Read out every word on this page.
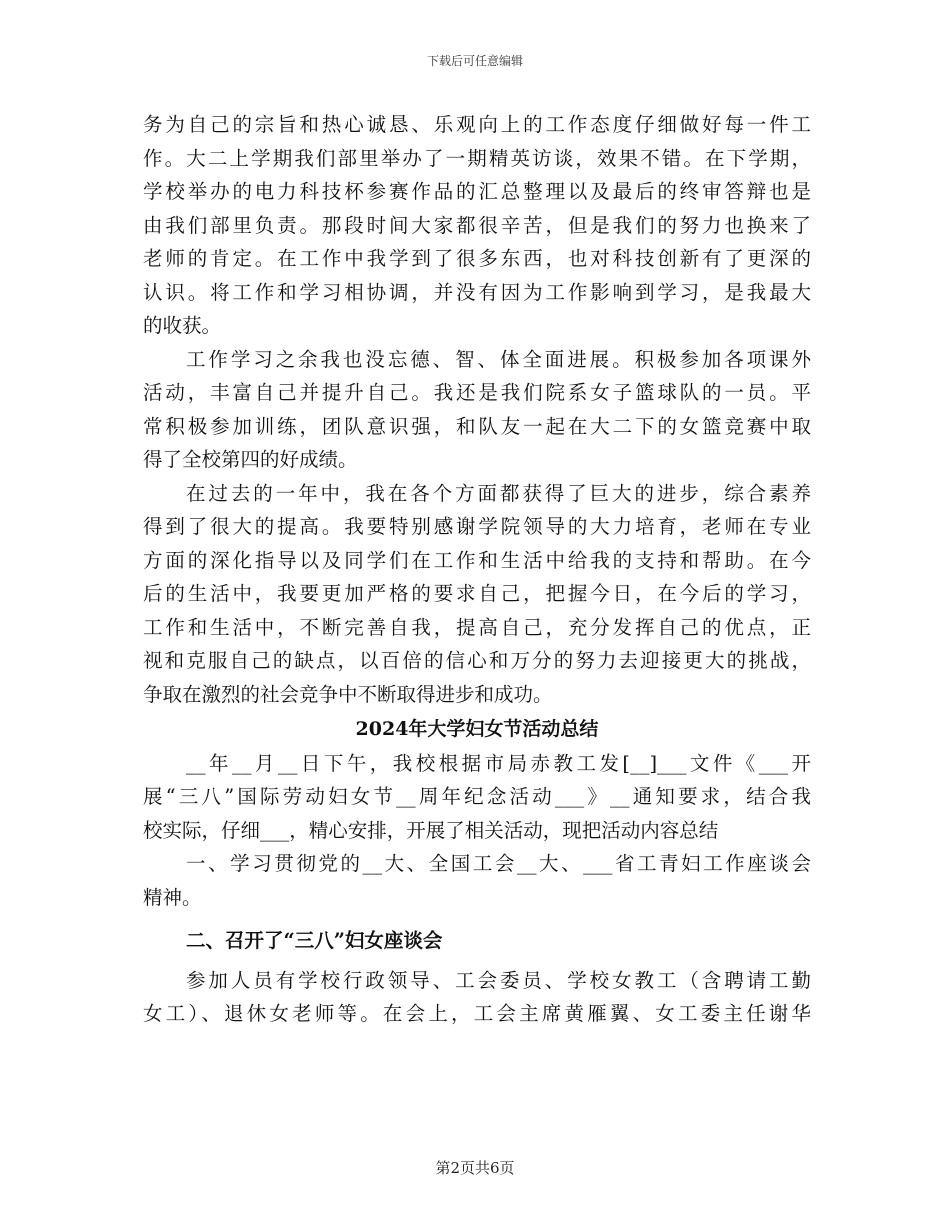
下载后可任意编辑
务为自己的宗旨和热心诚恳、乐观向上的工作态度仔细做好每一件工
作。大二上学期我们部里举办了一期精英访谈，效果不错。在下学期，
学校举办的电力科技杯参赛作品的汇总整理以及最后的终审答辩也是
由我们部里负责。那段时间大家都很辛苦，但是我们的努力也换来了
老师的肯定。在工作中我学到了很多东西，也对科技创新有了更深的
认识。将工作和学习相协调，并没有因为工作影响到学习，是我最大
的收获。
工作学习之余我也没忘德、智、体全面进展。积极参加各项课外
活动，丰富自己并提升自己。我还是我们院系女子篮球队的一员。平
常积极参加训练，团队意识强，和队友一起在大二下的女篮竞赛中取
得了全校第四的好成绩。
在过去的一年中，我在各个方面都获得了巨大的进步，综合素养
得到了很大的提高。我要特别感谢学院领导的大力培育，老师在专业
方面的深化指导以及同学们在工作和生活中给我的支持和帮助。在今
后的生活中，我要更加严格的要求自己，把握今日，在今后的学习，
工作和生活中，不断完善自我，提高自己，充分发挥自己的优点，正
视和克服自己的缺点，以百倍的信心和万分的努力去迎接更大的挑战，
争取在激烈的社会竞争中不断取得进步和成功。
2024年大学妇女节活动总结
__年__月__日下午，我校根据市局赤教工发[__]___文件《___开
展“三八”国际劳动妇女节__周年纪念活动___》__通知要求，结合我
校实际，仔细___，精心安排，开展了相关活动，现把活动内容总结
一、学习贯彻党的__大、全国工会__大、___省工青妇工作座谈会
精神。
二、召开了“三八”妇女座谈会
参加人员有学校行政领导、工会委员、学校女教工（含聘请工勤
女工）、退休女老师等。在会上，工会主席黄雁翼、女工委主任谢华
第2页共6页
